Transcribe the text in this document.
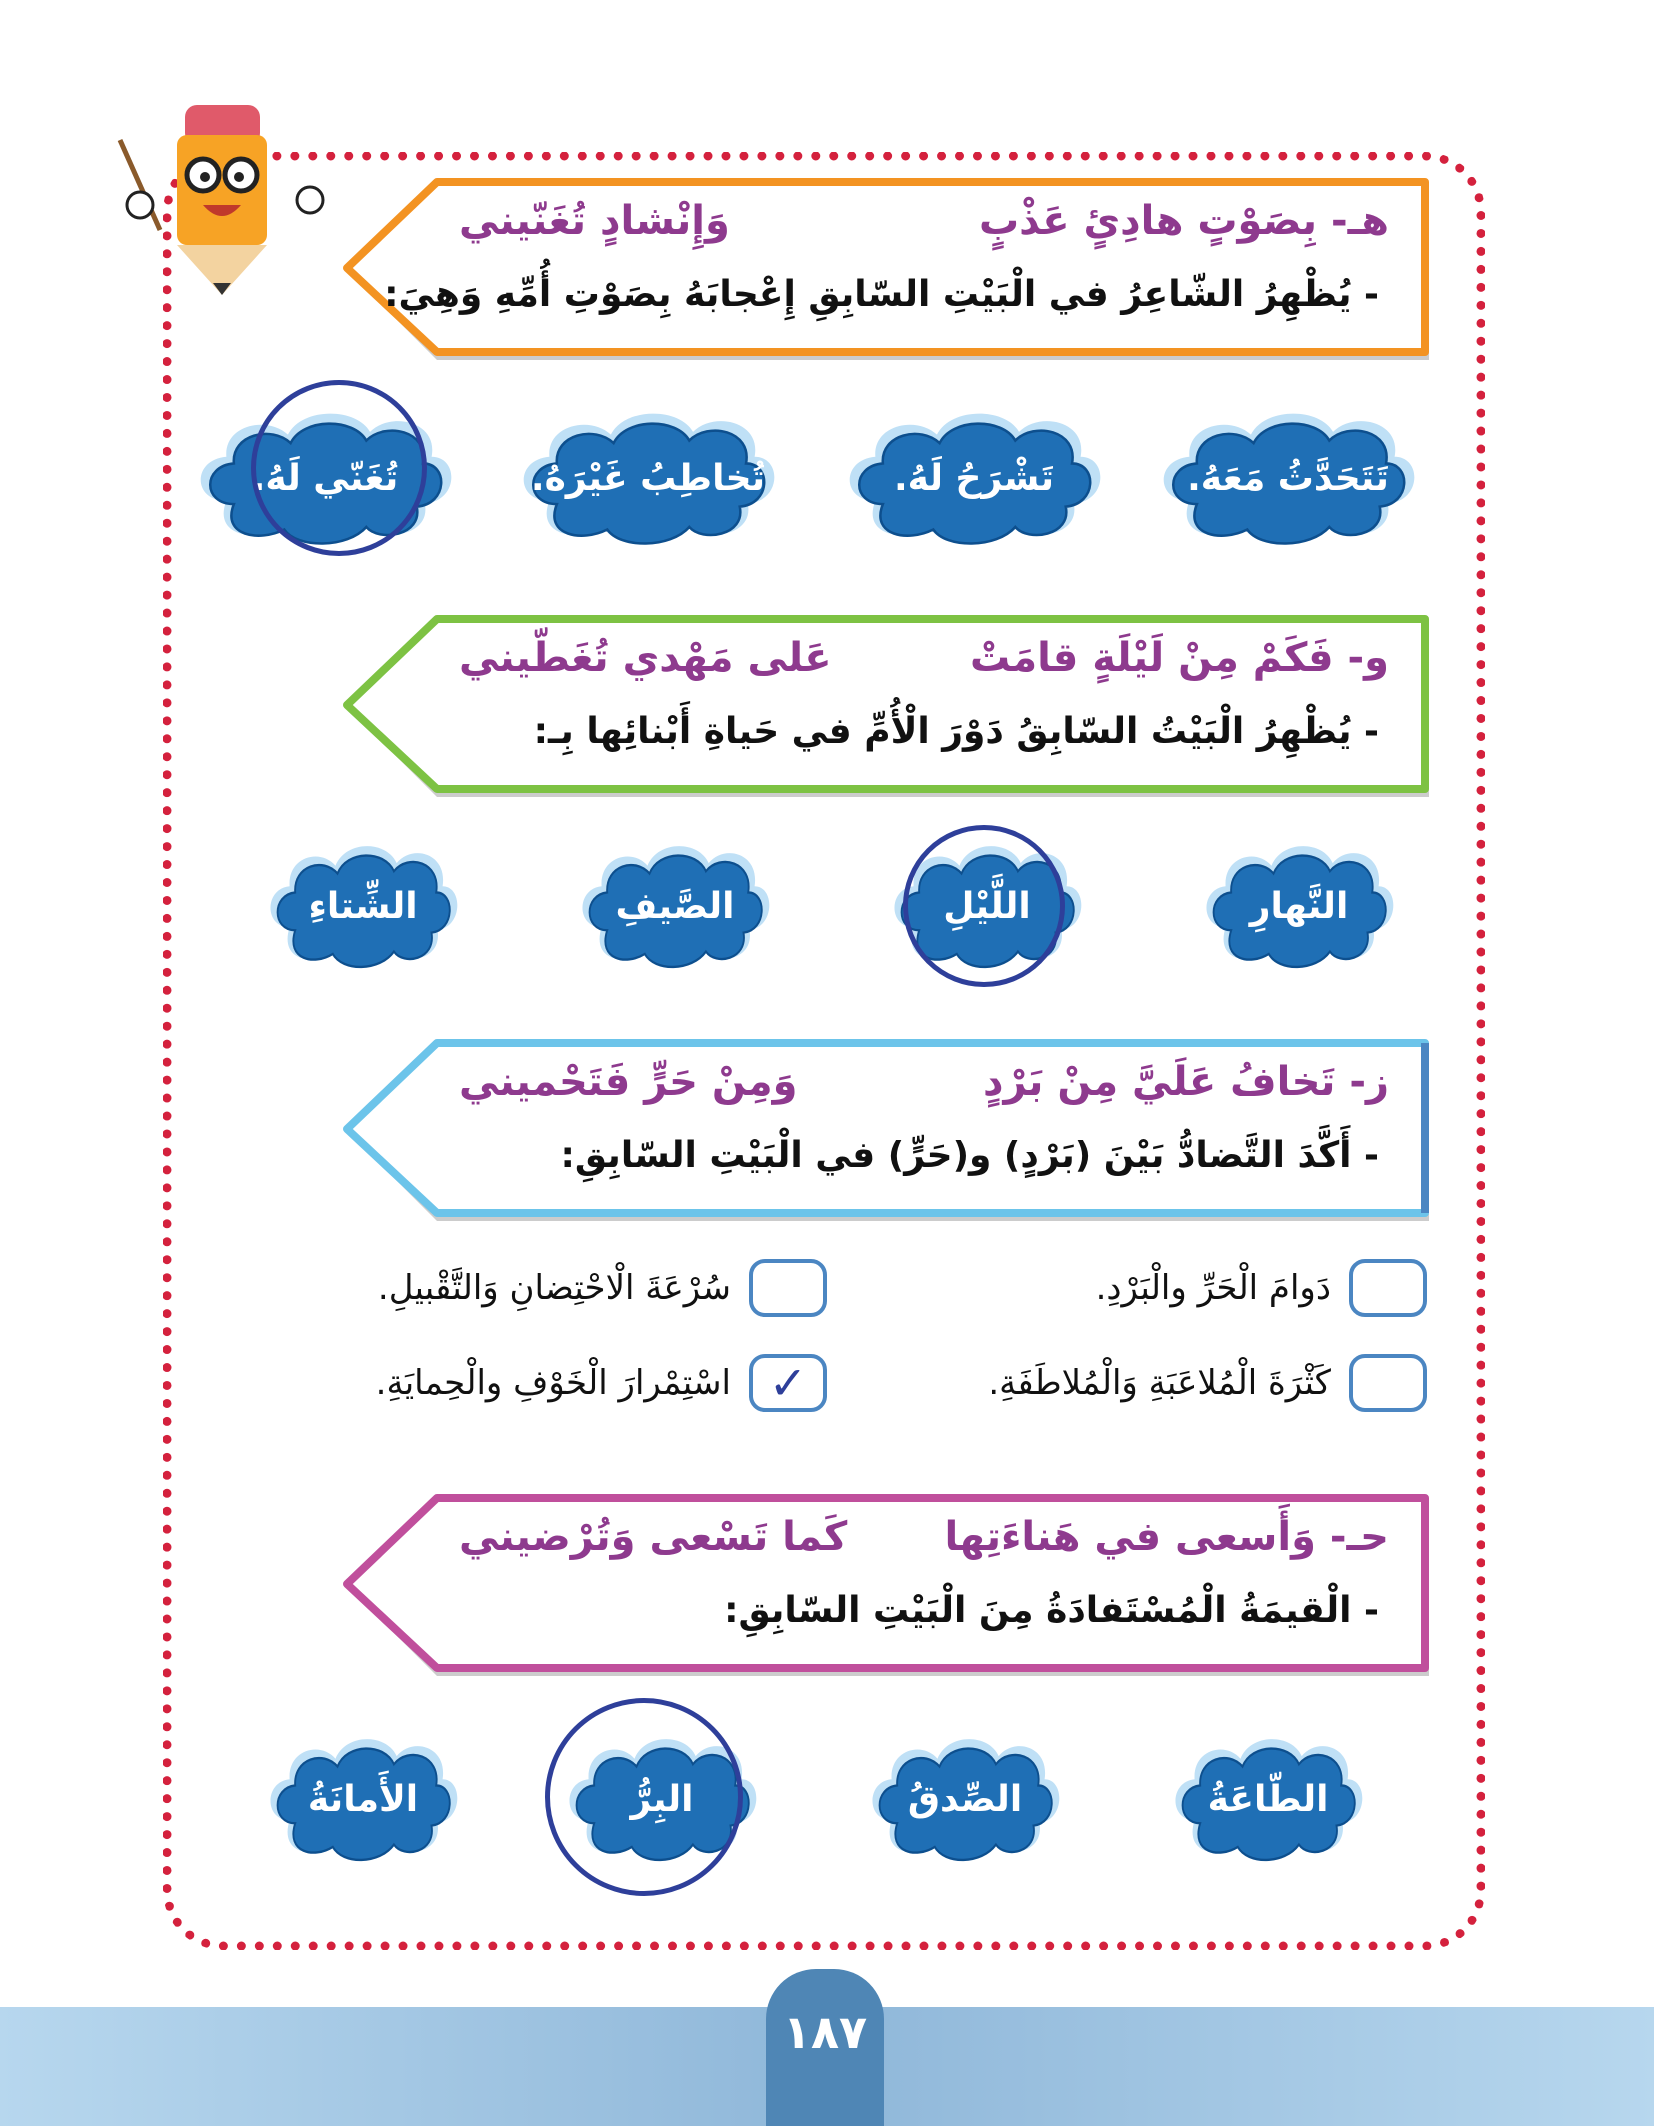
هـ- بِصَوْتٍ هادِئٍ عَذْبٍ
وَإِنْشادٍ تُغَنّيني
- يُظْهِرُ الشّاعِرُ في الْبَيْتِ السّابِقِ إِعْجابَهُ بِصَوْتِ أُمِّهِ وَهِيَ:
و- فَكَمْ مِنْ لَيْلَةٍ قامَتْ
عَلى مَهْدي تُغَطّيني
- يُظْهِرُ الْبَيْتُ السّابِقُ دَوْرَ الْأُمِّ في حَياةِ أَبْنائِها بِـ:
ز- تَخافُ عَلَيَّ مِنْ بَرْدٍ
وَمِنْ حَرٍّ فَتَحْميني
- أَكَّدَ التَّضادُّ بَيْنَ (بَرْدٍ) و(حَرٍّ) في الْبَيْتِ السّابِقِ:
دَوامَ الْحَرِّ والْبَرْدِ.
سُرْعَةَ الْاحْتِضانِ وَالتَّقْبيلِ.
كَثْرَةَ الْمُلاعَبَةِ وَالْمُلاطَفَةِ.
✓
اسْتِمْرارَ الْخَوْفِ والْحِمايَةِ.
حـ- وَأَسعى في هَناءَتِها
كَما تَسْعى وَتُرْضيني
- الْقيمَةُ الْمُسْتَفادَةُ مِنَ الْبَيْتِ السّابِقِ:
١٨٧
تَتَحَدَّثُ مَعَهُ.
تَشْرَحُ لَهُ.
تُخاطِبُ غَيْرَهُ.
تُغَنّي لَهُ.
النَّهارِ
اللَّيْلِ
الصَّيفِ
الشِّتاءِ
الطّاعَةُ
الصِّدقُ
البِرُّ
الأَمانَةُ
